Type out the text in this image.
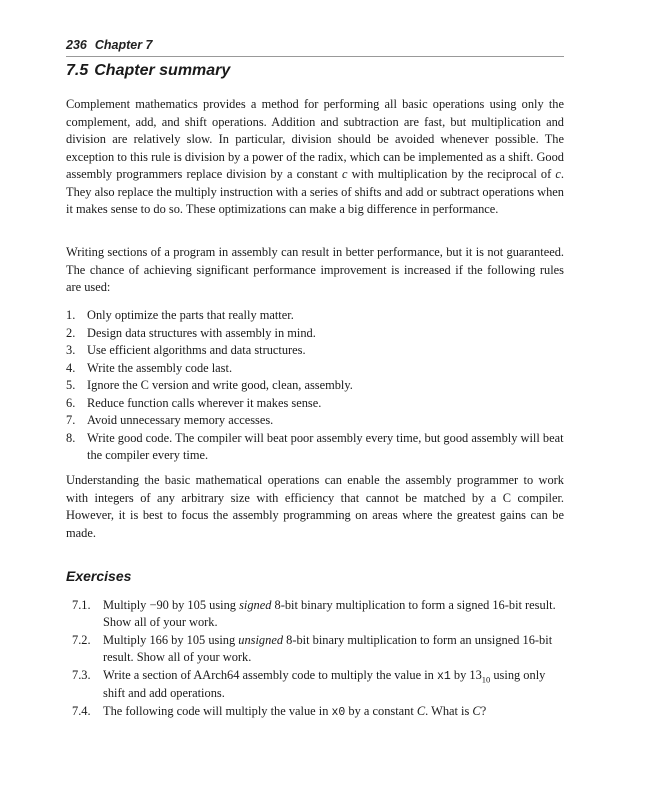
236 Chapter 7
7.5 Chapter summary

Complement mathematics provides a method for performing all basic operations using only the complement, add, and shift operations. Addition and subtraction are fast, but multiplication and division are relatively slow. In particular, division should be avoided whenever possible. The exception to this rule is division by a power of the radix, which can be implemented as a shift. Good assembly programmers replace division by a constant c with multiplication by the reciprocal of c. They also replace the multiply instruction with a series of shifts and add or subtract operations when it makes sense to do so. These optimizations can make a big difference in performance.

Writing sections of a program in assembly can result in better performance, but it is not guaranteed. The chance of achieving significant performance improvement is increased if the following rules are used:

1. Only optimize the parts that really matter.
2. Design data structures with assembly in mind.
3. Use efficient algorithms and data structures.
4. Write the assembly code last.
5. Ignore the C version and write good, clean, assembly.
6. Reduce function calls wherever it makes sense.
7. Avoid unnecessary memory accesses.
8. Write good code. The compiler will beat poor assembly every time, but good assembly will beat the compiler every time.

Understanding the basic mathematical operations can enable the assembly programmer to work with integers of any arbitrary size with efficiency that cannot be matched by a C compiler. However, it is best to focus the assembly programming on areas where the greatest gains can be made.

Exercises
7.1. Multiply −90 by 105 using signed 8-bit binary multiplication to form a signed 16-bit result. Show all of your work.
7.2. Multiply 166 by 105 using unsigned 8-bit binary multiplication to form an unsigned 16-bit result. Show all of your work.
7.3. Write a section of AArch64 assembly code to multiply the value in x1 by $13_{10}$ using only shift and add operations.
7.4. The following code will multiply the value in x0 by a constant C. What is C?
